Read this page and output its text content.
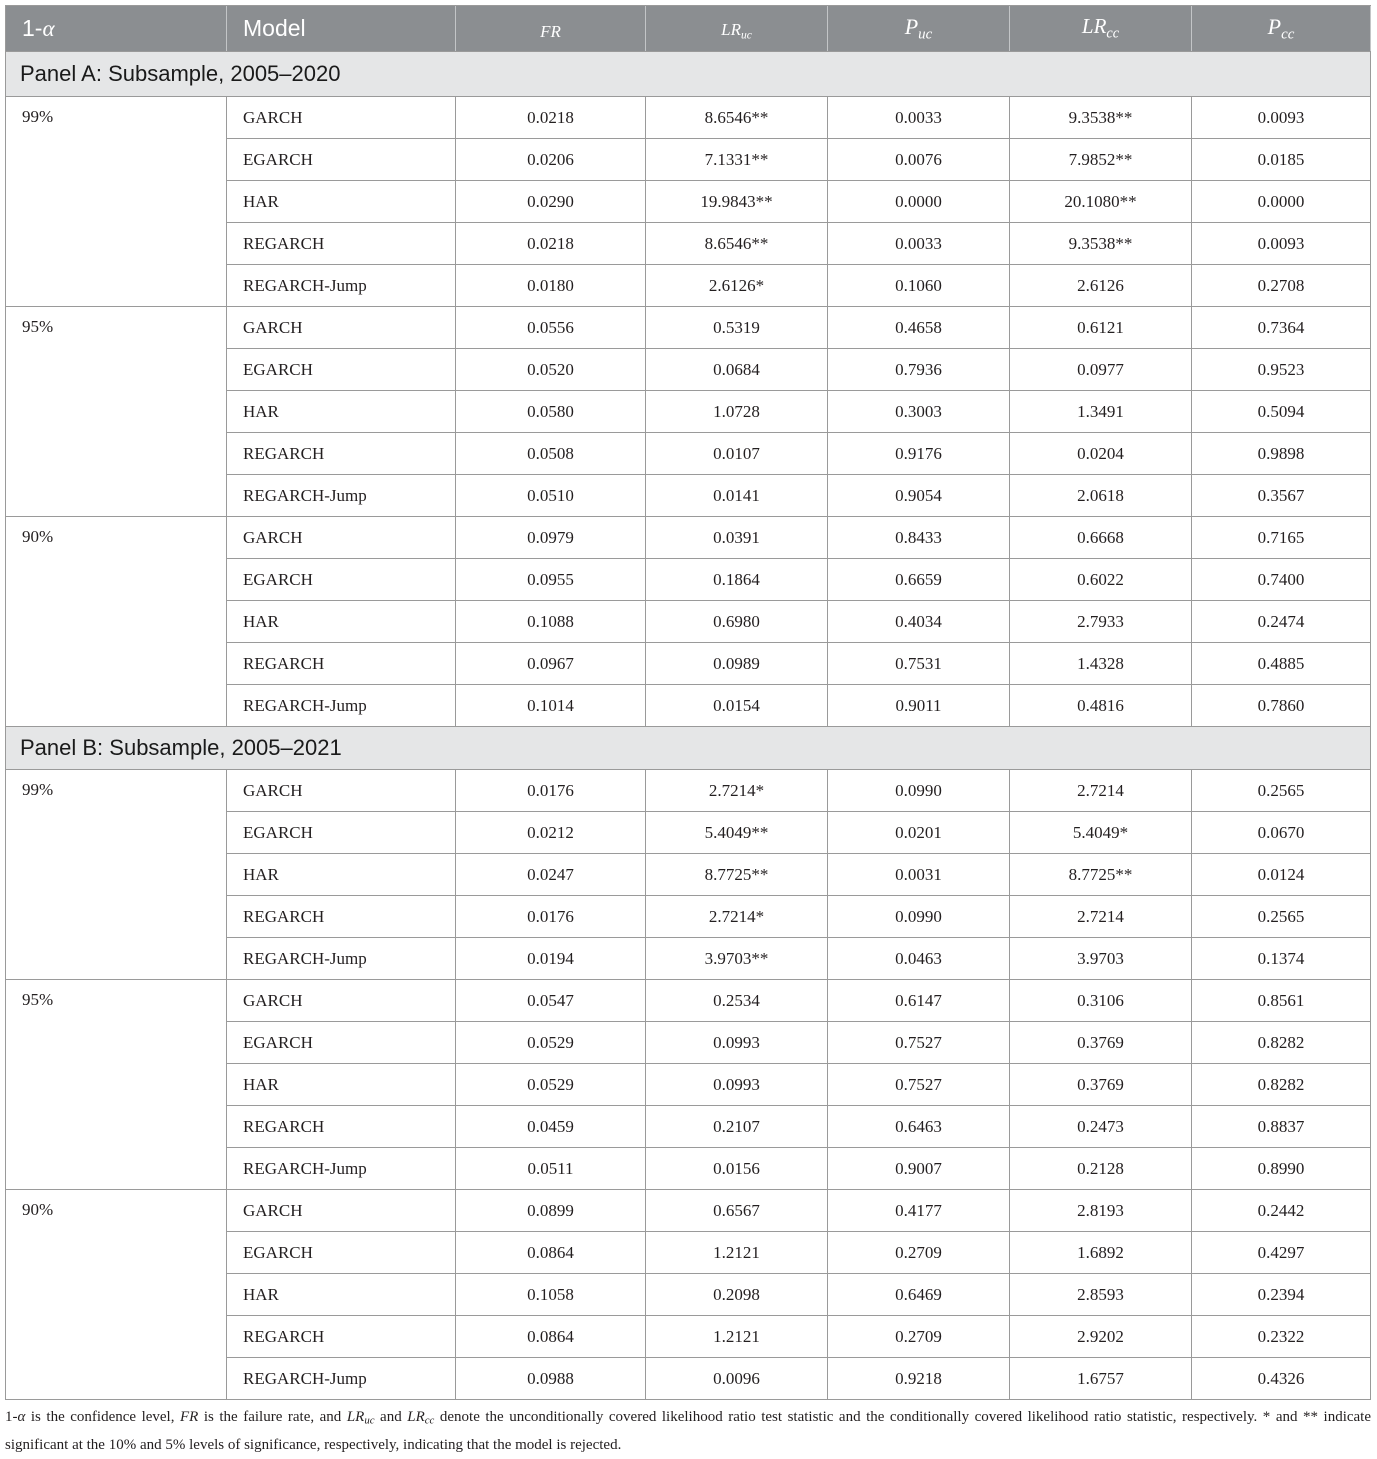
1- α	Model	FR	$LR_{uc}$	$P_{uc}$	$LR_{cc}$	$P_{cc}$
Panel A: Subsample, 2005–2020
99%	GARCH	0.0218	8.6546**	0.0033	9.3538**	0.0093
EGARCH	0.0206	7.1331**	0.0076	7.9852**	0.0185
HAR	0.0290	19.9843**	0.0000	20.1080**	0.0000
REGARCH	0.0218	8.6546**	0.0033	9.3538**	0.0093
REGARCH-Jump	0.0180	2.6126*	0.1060	2.6126	0.2708
95%	GARCH	0.0556	0.5319	0.4658	0.6121	0.7364
EGARCH	0.0520	0.0684	0.7936	0.0977	0.9523
HAR	0.0580	1.0728	0.3003	1.3491	0.5094
REGARCH	0.0508	0.0107	0.9176	0.0204	0.9898
REGARCH-Jump	0.0510	0.0141	0.9054	2.0618	0.3567
90%	GARCH	0.0979	0.0391	0.8433	0.6668	0.7165
EGARCH	0.0955	0.1864	0.6659	0.6022	0.7400
HAR	0.1088	0.6980	0.4034	2.7933	0.2474
REGARCH	0.0967	0.0989	0.7531	1.4328	0.4885
REGARCH-Jump	0.1014	0.0154	0.9011	0.4816	0.7860
Panel B: Subsample, 2005–2021
99%	GARCH	0.0176	2.7214*	0.0990	2.7214	0.2565
EGARCH	0.0212	5.4049**	0.0201	5.4049*	0.0670
HAR	0.0247	8.7725**	0.0031	8.7725**	0.0124
REGARCH	0.0176	2.7214*	0.0990	2.7214	0.2565
REGARCH-Jump	0.0194	3.9703**	0.0463	3.9703	0.1374
95%	GARCH	0.0547	0.2534	0.6147	0.3106	0.8561
EGARCH	0.0529	0.0993	0.7527	0.3769	0.8282
HAR	0.0529	0.0993	0.7527	0.3769	0.8282
REGARCH	0.0459	0.2107	0.6463	0.2473	0.8837
REGARCH-Jump	0.0511	0.0156	0.9007	0.2128	0.8990
90%	GARCH	0.0899	0.6567	0.4177	2.8193	0.2442
EGARCH	0.0864	1.2121	0.2709	1.6892	0.4297
HAR	0.1058	0.2098	0.6469	2.8593	0.2394
REGARCH	0.0864	1.2121	0.2709	2.9202	0.2322
REGARCH-Jump	0.0988	0.0096	0.9218	1.6757	0.4326
1-α is the confidence level, FR is the failure rate, and LRuc and LRcc denote the unconditionally covered likelihood ratio test statistic and the conditionally covered likelihood ratio statistic, respectively. * and ** indicate significant at the 10% and 5% levels of significance, respectively, indicating that the model is rejected.
